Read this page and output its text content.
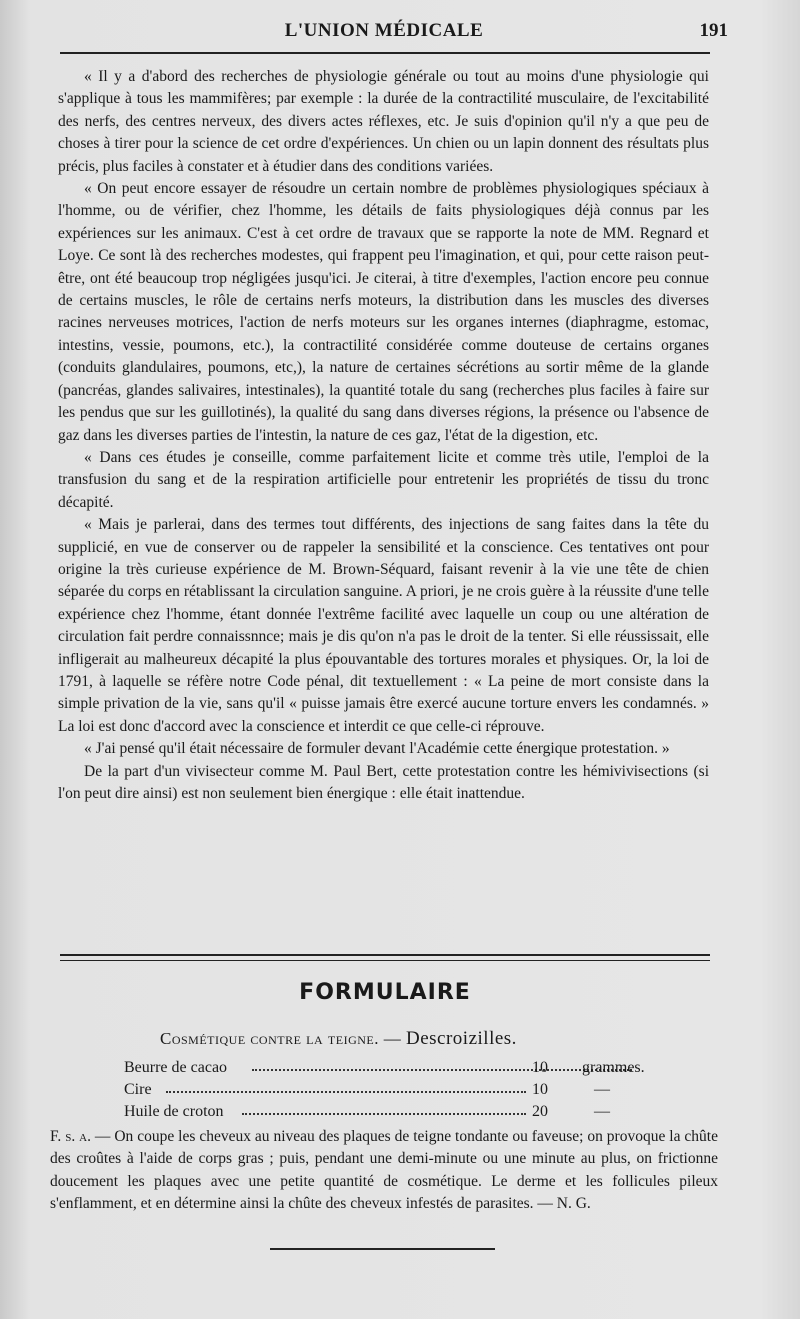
L'UNION MÉDICALE	191

« Il y a d'abord des recherches de physiologie générale ou tout au moins d'une physiologie qui s'applique à tous les mammifères; par exemple : la durée de la contractilité musculaire, de l'excitabilité des nerfs, des centres nerveux, des divers actes réflexes, etc. Je suis d'opinion qu'il n'y a que peu de choses à tirer pour la science de cet ordre d'expériences. Un chien ou un lapin donnent des résultats plus précis, plus faciles à constater et à étudier dans des conditions variées.

« On peut encore essayer de résoudre un certain nombre de problèmes physiologiques spéciaux à l'homme, ou de vérifier, chez l'homme, les détails de faits physiologiques déjà connus par les expériences sur les animaux. C'est à cet ordre de travaux que se rapporte la note de MM. Regnard et Loye. Ce sont là des recherches modestes, qui frappent peu l'imagination, et qui, pour cette raison peut-être, ont été beaucoup trop négligées jusqu'ici. Je citerai, à titre d'exemples, l'action encore peu connue de certains muscles, le rôle de certains nerfs moteurs, la distribution dans les muscles des diverses racines nerveuses motrices, l'action de nerfs moteurs sur les organes internes (diaphragme, estomac, intestins, vessie, poumons, etc.), la contractilité considérée comme douteuse de certains organes (conduits glandulaires, poumons, etc,), la nature de certaines sécrétions au sortir même de la glande (pancréas, glandes salivaires, intestinales), la quantité totale du sang (recherches plus faciles à faire sur les pendus que sur les guillotinés), la qualité du sang dans diverses régions, la présence ou l'absence de gaz dans les diverses parties de l'intestin, la nature de ces gaz, l'état de la digestion, etc.

« Dans ces études je conseille, comme parfaitement licite et comme très utile, l'emploi de la transfusion du sang et de la respiration artificielle pour entretenir les propriétés de tissu du tronc décapité.

« Mais je parlerai, dans des termes tout différents, des injections de sang faites dans la tête du supplicié, en vue de conserver ou de rappeler la sensibilité et la conscience. Ces tentatives ont pour origine la très curieuse expérience de M. Brown-Séquard, faisant revenir à la vie une tête de chien séparée du corps en rétablissant la circulation sanguine. A priori, je ne crois guère à la réussite d'une telle expérience chez l'homme, étant donnée l'extrême facilité avec laquelle un coup ou une altération de circulation fait perdre connaissnnce; mais je dis qu'on n'a pas le droit de la tenter. Si elle réussissait, elle infligerait au malheureux décapité la plus épouvantable des tortures morales et physiques. Or, la loi de 1791, à laquelle se réfère notre Code pénal, dit textuellement : « La peine de mort consiste dans la simple privation de la vie, sans qu'il « puisse jamais être exercé aucune torture envers les condamnés. » La loi est donc d'accord avec la conscience et interdit ce que celle-ci réprouve.

« J'ai pensé qu'il était nécessaire de formuler devant l'Académie cette énergique protestation. »

De la part d'un vivisecteur comme M. Paul Bert, cette protestation contre les hémivivisections (si l'on peut dire ainsi) est non seulement bien énergique : elle était inattendue.

FORMULAIRE
Cosmétique contre la teigne. — Descroizilles.
Beurre de cacao	10 grammes.
Cire	10	—
Huile de croton	20	—
F. s. a. — On coupe les cheveux au niveau des plaques de teigne tondante ou faveuse; on provoque la chûte des croûtes à l'aide de corps gras ; puis, pendant une demi-minute ou une minute au plus, on frictionne doucement les plaques avec une petite quantité de cosmétique. Le derme et les follicules pileux s'enflamment, et en détermine ainsi la chûte des cheveux infestés de parasites. — N. G.
